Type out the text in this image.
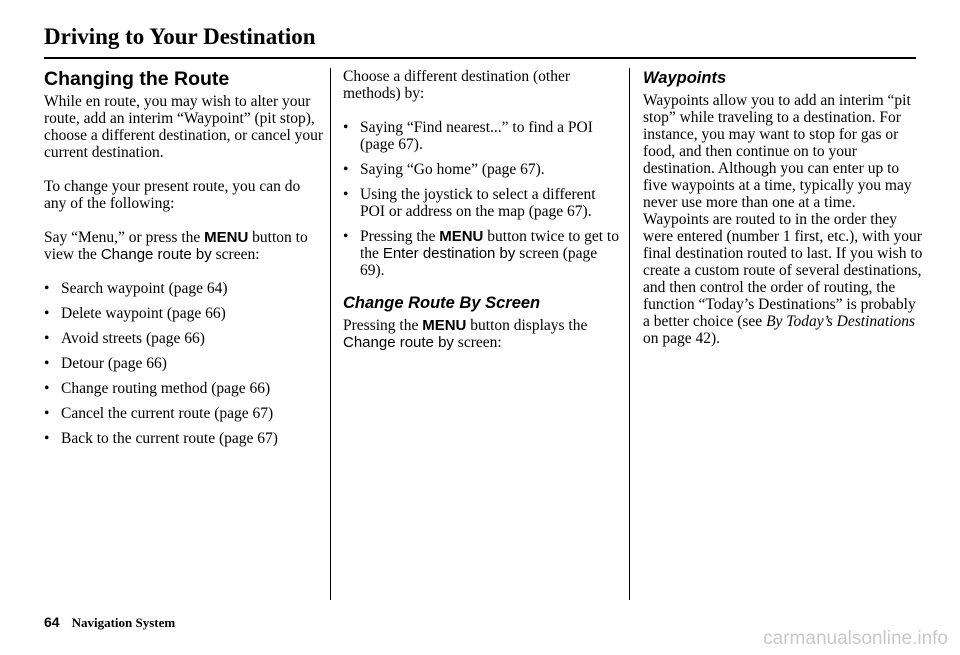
Driving to Your Destination
Changing the Route

While en route, you may wish to alter your route, add an interim “Waypoint” (pit stop), choose a different destination, or cancel your current destination.

To change your present route, you can do any of the following:

Say “Menu,” or press the MENU button to view the Change route by screen:

• Search waypoint (page 64)
• Delete waypoint (page 66)
• Avoid streets (page 66)
• Detour (page 66)
• Change routing method (page 66)
• Cancel the current route (page 67)
• Back to the current route (page 67)

Choose a different destination (other methods) by:

• Saying “Find nearest...” to find a POI (page 67).
• Saying “Go home” (page 67).
• Using the joystick to select a different POI or address on the map (page 67).
• Pressing the MENU button twice to get to the Enter destination by screen (page 69).
Change Route By Screen

Pressing the MENU button displays the Change route by screen:

Waypoints

Waypoints allow you to add an interim “pit stop” while traveling to a destination. For instance, you may want to stop for gas or food, and then continue on to your destination. Although you can enter up to five waypoints at a time, typically you may never use more than one at a time. Waypoints are routed to in the order they were entered (number 1 first, etc.), with your final destination routed to last. If you wish to create a custom route of several destinations, and then control the order of routing, the function “Today’s Destinations” is probably a better choice (see By Today’s Destinations on page 42).

64 Navigation System
carmanualsonline.info
